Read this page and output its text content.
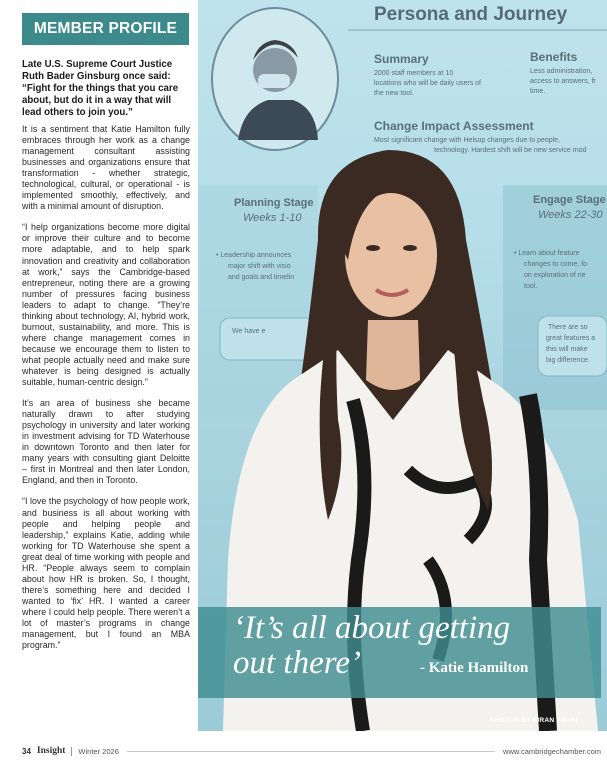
MEMBER PROFILE

Late U.S. Supreme Court Justice Ruth Bader Ginsburg once said: “Fight for the things that you care about, but do it in a way that will lead others to join you.”

It is a sentiment that Katie Hamilton fully embraces through her work as a change management consultant assisting businesses and organizations ensure that transformation - whether strategic, technological, cultural, or operational - is implemented smoothly, effectively, and with a minimal amount of disruption.

“I help organizations become more digital or improve their culture and to become more adaptable, and to help spark innovation and creativity and collaboration at work,” says the Cambridge-based entrepreneur, noting there are a growing number of pressures facing business leaders to adapt to change. “They’re thinking about technology, AI, hybrid work, burnout, sustainability, and more. This is where change management comes in because we encourage them to listen to what people actually need and make sure whatever is being designed is actually suitable, human-centric design.”

It’s an area of business she became naturally drawn to after studying psychology in university and later working in investment advising for TD Waterhouse in downtown Toronto and then later for many years with consulting giant Deloitte – first in Montreal and then later London, England, and then in Toronto.

“I love the psychology of how people work, and business is all about working with people and helping people and leadership,” explains Katie, adding while working for TD Waterhouse she spent a great deal of time working with people and HR. “People always seem to complain about how HR is broken. So, I thought, there’s something here and decided I wanted to ‘fix’ HR. I wanted a career where I could help people. There weren’t a lot of master’s programs in change management, but I found an MBA program.”

Persona and Journey
Summary
2000 staff members at 10
locations who will be daily users of
the new tool.
Benefits
Less administration,
access to answers, fr
time.
Change Impact Assessment
Most significant change with Helsop changes due to people,
technology. Hardest shift will be new service mod
Planning Stage
Weeks 1-10
• Leadership announces
major shift with visio
and goals and timelin
We have e
Engage Stage
Weeks 22-30
• Learn about feature
changes to come, fo
on exploration of ne
tool.
There are so
great features a
this will make
big difference.
‘It’s all about getting
out there’	- Katie Hamilton
PHOTOS BY KIRAN SIDHU
34 Insight	Winter 2026	www.cambridgechamber.com
